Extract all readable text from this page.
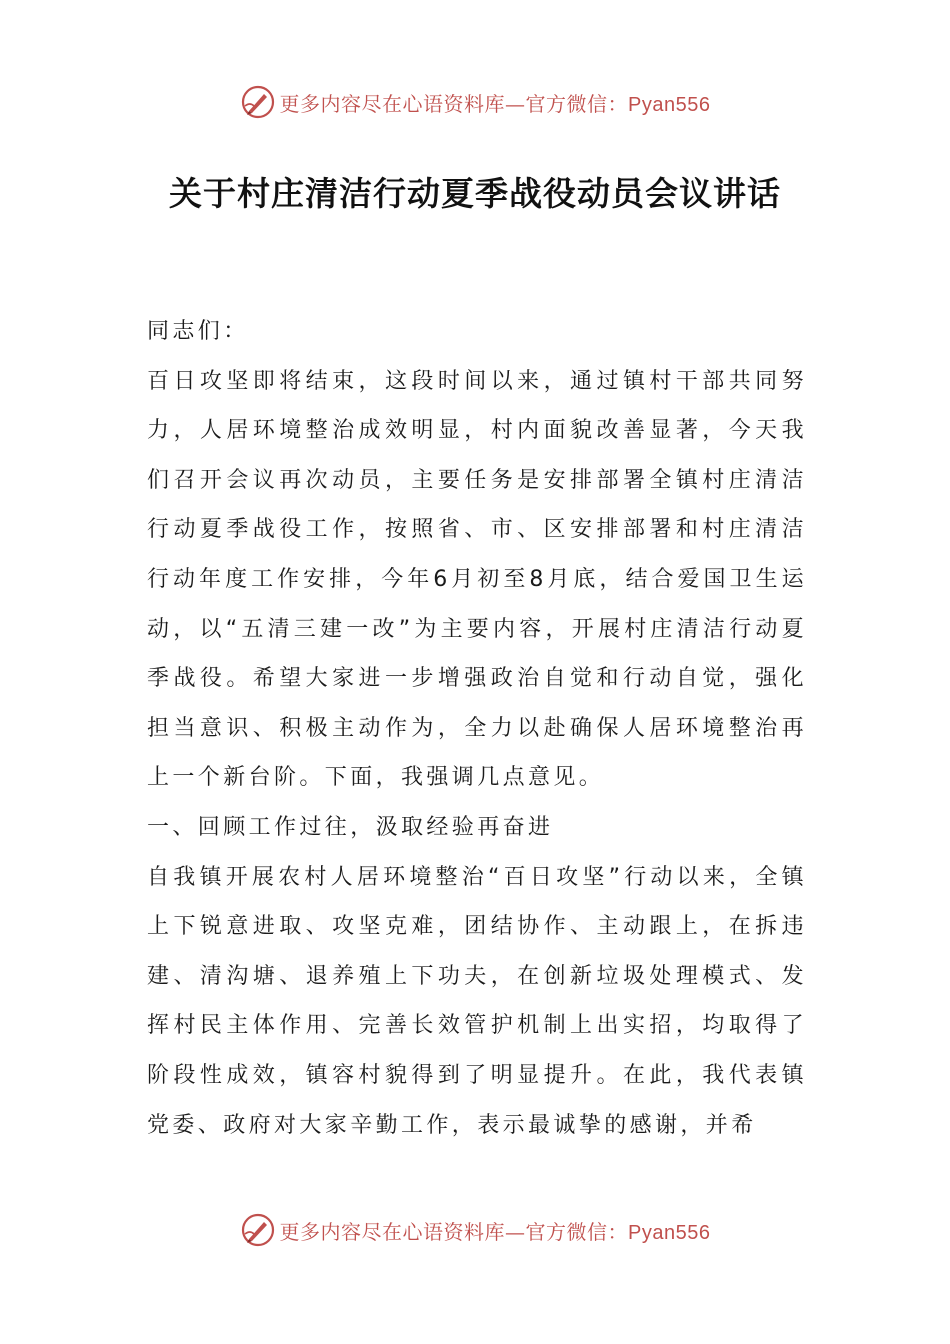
更多内容尽在心语资料库—官方微信：Pyan556
关于村庄清洁行动夏季战役动员会议讲话

同志们：

百日攻坚即将结束，这段时间以来，通过镇村干部共同努力，人居环境整治成效明显，村内面貌改善显著，今天我们召开会议再次动员，主要任务是安排部署全镇村庄清洁行动夏季战役工作，按照省、市、区安排部署和村庄清洁行动年度工作安排，今年6月初至8月底，结合爱国卫生运动，以“五清三建一改”为主要内容，开展村庄清洁行动夏季战役。希望大家进一步增强政治自觉和行动自觉，强化担当意识、积极主动作为，全力以赴确保人居环境整治再上一个新台阶。下面，我强调几点意见。

一、回顾工作过往，汲取经验再奋进

自我镇开展农村人居环境整治“百日攻坚”行动以来，全镇上下锐意进取、攻坚克难，团结协作、主动跟上，在拆违建、清沟塘、退养殖上下功夫，在创新垃圾处理模式、发挥村民主体作用、完善长效管护机制上出实招，均取得了阶段性成效，镇容村貌得到了明显提升。在此，我代表镇党委、政府对大家辛勤工作，表示最诚挚的感谢，并希

更多内容尽在心语资料库—官方微信：Pyan556
